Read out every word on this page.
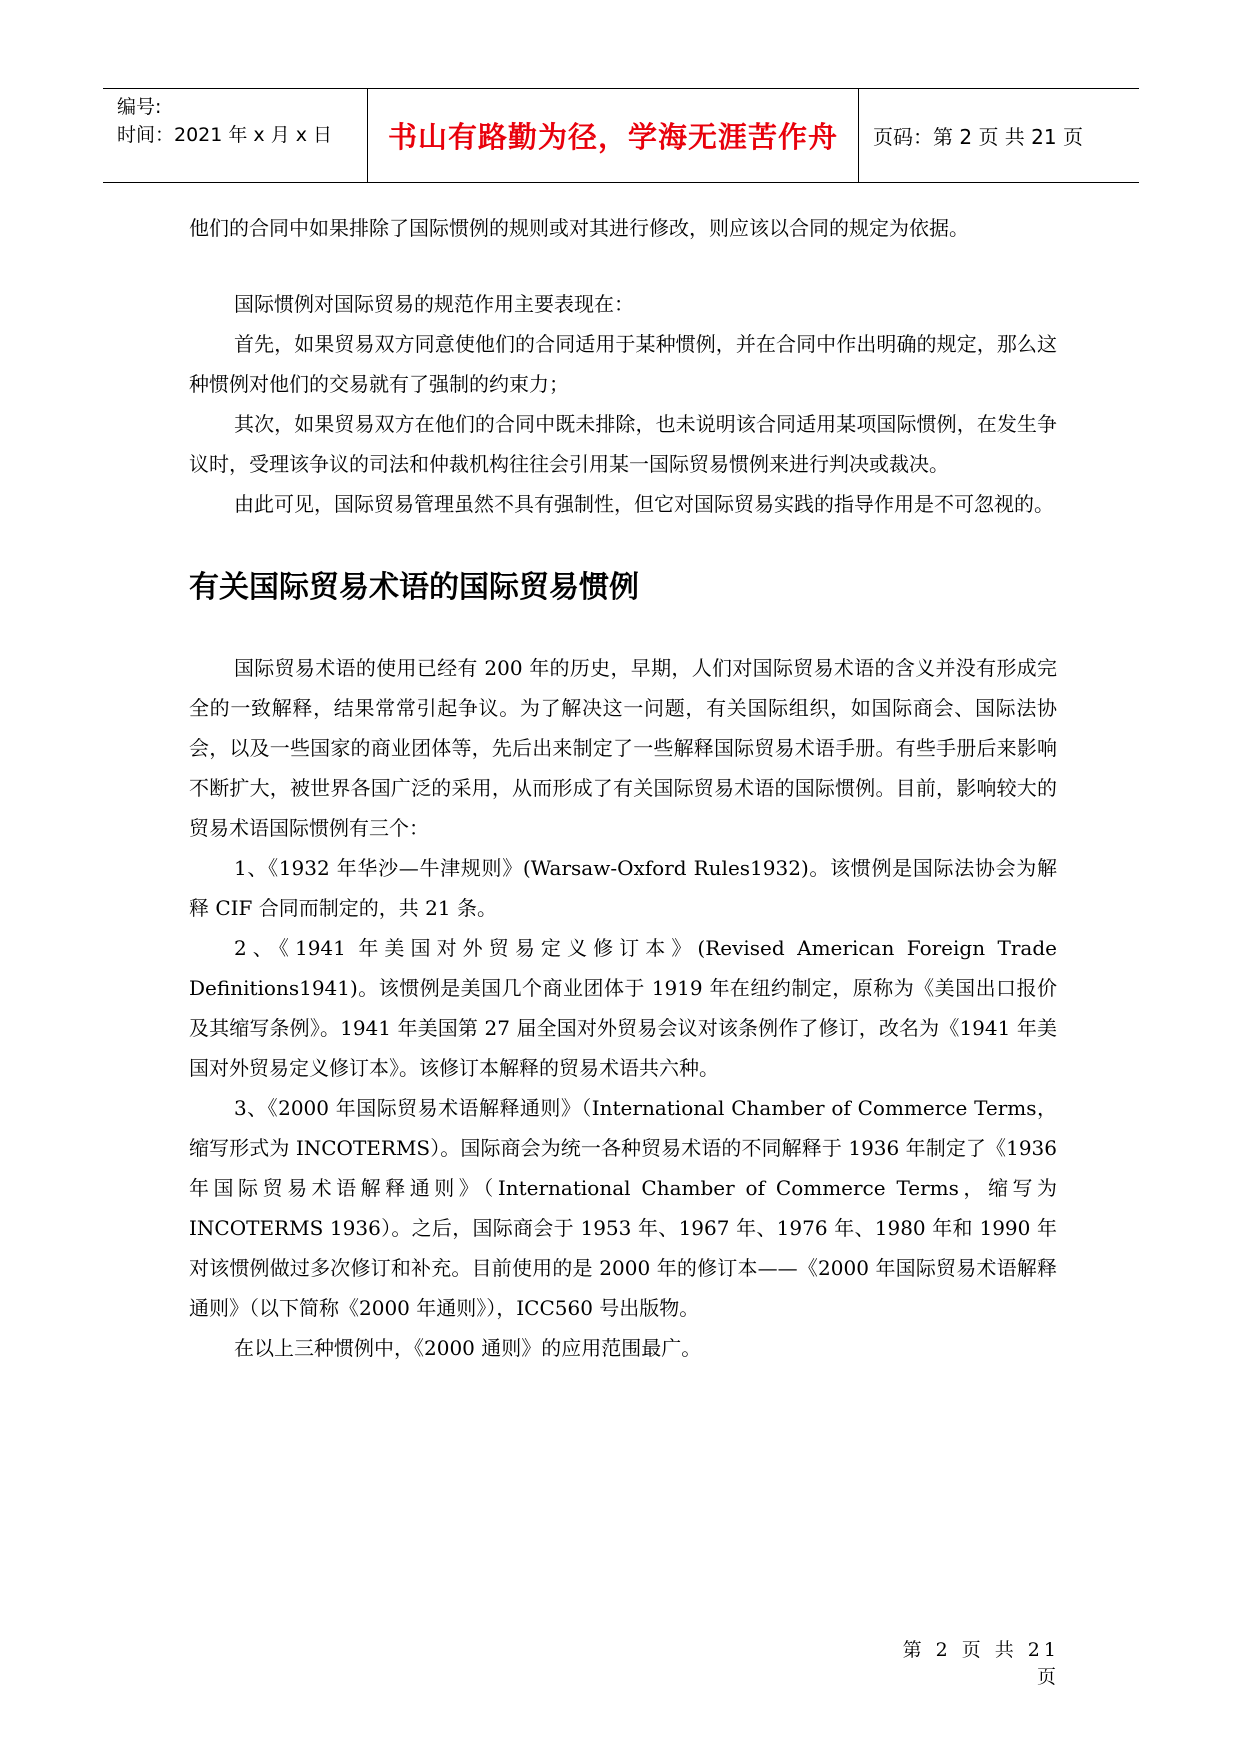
编号:
时间：2021 年 x 月 x 日	书山有路勤为径，学海无涯苦作舟	页码：第 2 页 共 21 页

他们的合同中如果排除了国际惯例的规则或对其进行修改，则应该以合同的规定为依据。

国际惯例对国际贸易的规范作用主要表现在：

首先，如果贸易双方同意使他们的合同适用于某种惯例，并在合同中作出明确的规定，那么这种惯例对他们的交易就有了强制的约束力；

其次，如果贸易双方在他们的合同中既未排除，也未说明该合同适用某项国际惯例，在发生争议时，受理该争议的司法和仲裁机构往往会引用某一国际贸易惯例来进行判决或裁决。

由此可见，国际贸易管理虽然不具有强制性，但它对国际贸易实践的指导作用是不可忽视的。

有关国际贸易术语的国际贸易惯例

国际贸易术语的使用已经有 200 年的历史，早期，人们对国际贸易术语的含义并没有形成完全的一致解释，结果常常引起争议。为了解决这一问题，有关国际组织，如国际商会、国际法协会，以及一些国家的商业团体等，先后出来制定了一些解释国际贸易术语手册。有些手册后来影响不断扩大，被世界各国广泛的采用，从而形成了有关国际贸易术语的国际惯例。目前，影响较大的贸易术语国际惯例有三个：

1、《1932 年华沙—牛津规则》(Warsaw-Oxford Rules1932)。该惯例是国际法协会为解释 CIF 合同而制定的，共 21 条。

2、《1941 年美国对外贸易定义修订本》(Revised American Foreign Trade Definitions1941)。该惯例是美国几个商业团体于 1919 年在纽约制定，原称为《美国出口报价及其缩写条例》。1941 年美国第 27 届全国对外贸易会议对该条例作了修订，改名为《1941 年美国对外贸易定义修订本》。该修订本解释的贸易术语共六种。

3、《2000 年国际贸易术语解释通则》（International Chamber of Commerce Terms，缩写形式为 INCOTERMS）。国际商会为统一各种贸易术语的不同解释于 1936 年制定了《1936 年国际贸易术语解释通则》（International Chamber of Commerce Terms，缩写为 INCOTERMS 1936）。之后，国际商会于 1953 年、1967 年、1976 年、1980 年和 1990 年对该惯例做过多次修订和补充。目前使用的是 2000 年的修订本——《2000 年国际贸易术语解释通则》（以下简称《2000 年通则》），ICC560 号出版物。

在以上三种惯例中，《2000 通则》的应用范围最广。

第 2 页 共 21 页
